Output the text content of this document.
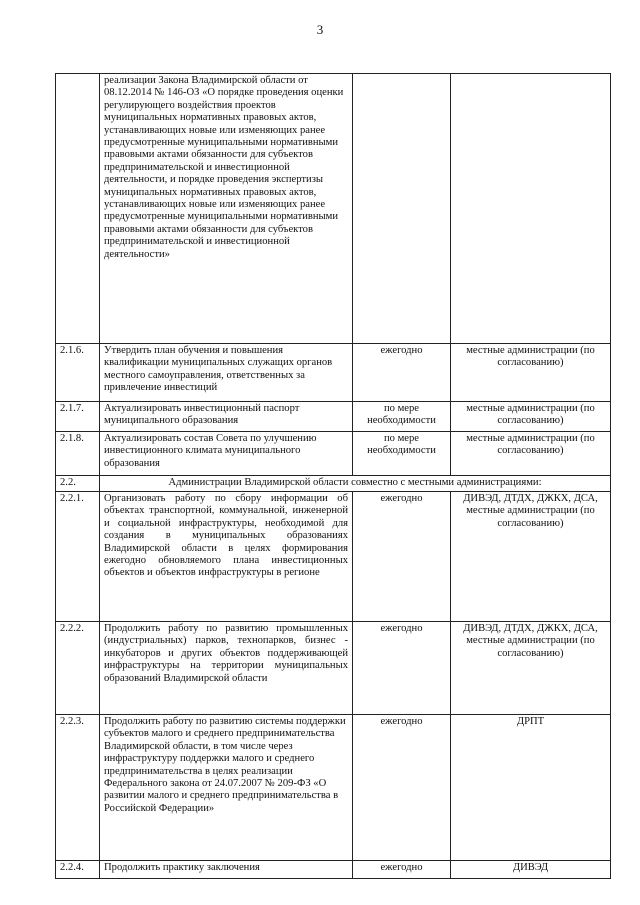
3
	реализации Закона Владимирской области от 08.12.2014 № 146-ОЗ «О порядке проведения оценки регулирующего воздействия проектов муниципальных нормативных правовых актов, устанавливающих новые или изменяющих ранее предусмотренные муниципальными нормативными правовыми актами обязанности для субъектов предпринимательской и инвестиционной деятельности, и порядке проведения экспертизы муниципальных нормативных правовых актов, устанавливающих новые или изменяющих ранее предусмотренные муниципальными нормативными правовыми актами обязанности для субъектов предпринимательской и инвестиционной деятельности»		
2.1.6.	Утвердить план обучения и повышения квалификации муниципальных служащих органов местного самоуправления, ответственных за привлечение инвестиций	ежегодно	местные администрации (по согласованию)
2.1.7.	Актуализировать инвестиционный паспорт муниципального образования	по мере необходимости	местные администрации (по согласованию)
2.1.8.	Актуализировать состав Совета по улучшению инвестиционного климата муниципального образования	по мере необходимости	местные администрации (по согласованию)
2.2.	Администрации Владимирской области совместно с местными администрациями:		
2.2.1.	Организовать работу по сбору информации об объектах транспортной, коммунальной, инженерной и социальной инфраструктуры, необходимой для создания в муниципальных образованиях Владимирской области в целях формирования ежегодно обновляемого плана инвестиционных объектов и объектов инфраструктуры в регионе	ежегодно	ДИВЭД, ДТДХ, ДЖКХ, ДСА, местные администрации (по согласованию)
2.2.2.	Продолжить работу по развитию промышленных (индустриальных) парков, технопарков, бизнес - инкубаторов и других объектов поддерживающей инфраструктуры на территории муниципальных образований Владимирской области	ежегодно	ДИВЭД, ДТДХ, ДЖКХ, ДСА, местные администрации (по согласованию)
2.2.3.	Продолжить работу по развитию системы поддержки субъектов малого и среднего предпринимательства Владимирской области, в том числе через инфраструктуру поддержки малого и среднего предпринимательства в целях реализации Федерального закона от 24.07.2007 № 209-ФЗ «О развитии малого и среднего предпринимательства в Российской Федерации»	ежегодно	ДРПТ
2.2.4.	Продолжить практику заключения	ежегодно	ДИВЭД
